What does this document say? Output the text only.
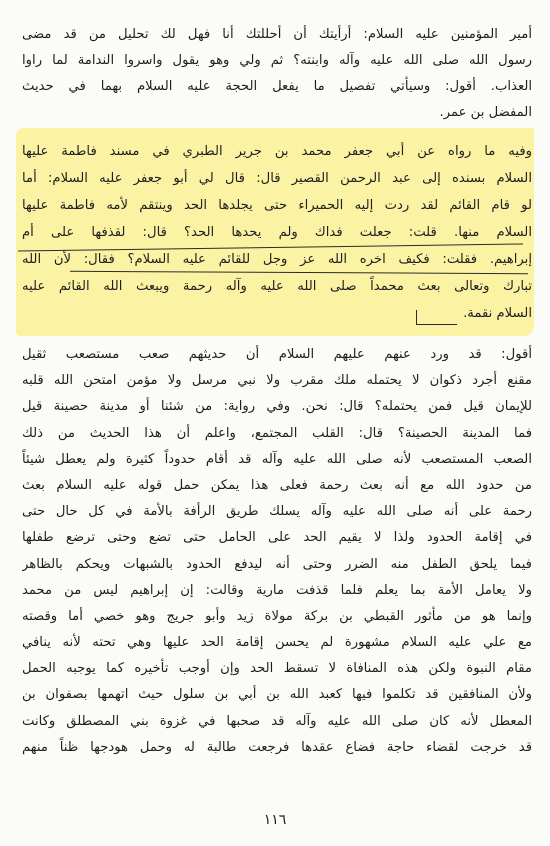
أمير المؤمنين عليه السلام: أرأيتك أن أحللتك أنا فهل لك تحليل من قد مضى
رسول الله صلى الله عليه وآله وابنته؟ ثم ولي وهو يقول واسروا الندامة لما راوا
العذاب. أقول: وسيأتي تفصيل ما يفعل الحجة عليه السلام بهما في حديث
المفضل بن عمر.
وفيه ما رواه عن أبي جعفر محمد بن جرير الطبري في مسند فاطمة عليها
السلام بسنده إلى عبد الرحمن القصير قال: قال لي أبو جعفر عليه السلام: أما
لو قام القائم لقد ردت إليه الحميراء حتى يجلدها الحد وينتقم لأمه فاطمة عليها
السلام منها. قلت: جعلت فداك ولم يحدها الحد؟ قال: لقذفها على أم
إبراهيم. فقلت: فكيف اخره الله عز وجل للقائم عليه السلام؟ فقال: لأن الله
تبارك وتعالى بعث محمداً صلى الله عليه وآله رحمة ويبعث الله القائم عليه
السلام نقمة.
أقول: قد ورد عنهم عليهم السلام أن حديثهم صعب مستصعب ثقيل
مقنع أجرد ذكوان لا يحتمله ملك مقرب ولا نبي مرسل ولا مؤمن امتحن الله قلبه
للإيمان قيل فمن يحتمله؟ قال: نحن. وفي رواية: من شئنا أو مدينة حصينة قيل
فما المدينة الحصينة؟ قال: القلب المجتمع، واعلم أن هذا الحديث من ذلك
الصعب المستصعب لأنه صلى الله عليه وآله قد أقام حدوداً كثيرة ولم يعطل شيئاً
من حدود الله مع أنه بعث رحمة فعلى هذا يمكن حمل قوله عليه السلام بعث
رحمة على أنه صلى الله عليه وآله يسلك طريق الرأفة بالأمة في كل حال حتى
في إقامة الحدود ولذا لا يقيم الحد على الحامل حتى تضع وحتى ترضع طفلها
فيما يلحق الطفل منه الضرر وحتى أنه ليدفع الحدود بالشبهات ويحكم بالظاهر
ولا يعامل الأمة بما يعلم فلما قذفت مارية وقالت: إن إبراهيم ليس من محمد
وإنما هو من مأثور القبطي بن بركة مولاة زيد وأبو جريج وهو خصي أما وقصته
مع علي عليه السلام مشهورة لم يحسن إقامة الحد عليها وهي تحته لأنه ينافي
مقام النبوة ولكن هذه المنافاة لا تسقط الحد وإن أوجب تأخيره كما يوجبه الحمل
ولأن المنافقين قد تكلموا فيها كعبد الله بن أبي بن سلول حيث اتهمها بصفوان بن
المعطل لأنه كان صلى الله عليه وآله قد صحبها في غزوة بني المصطلق وكانت
قد خرجت لقضاء حاجة فضاع عقدها فرجعت طالبة له وحمل هودجها ظناً منهم
١١٦
